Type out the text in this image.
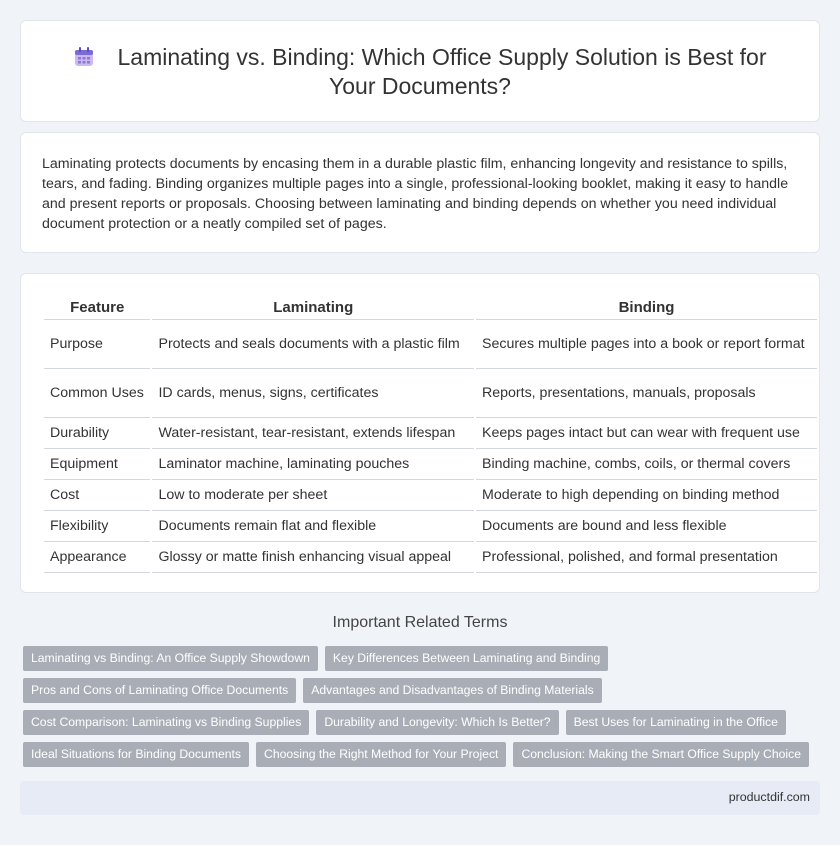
Laminating vs. Binding: Which Office Supply Solution is Best for Your Documents?

Laminating protects documents by encasing them in a durable plastic film, enhancing longevity and resistance to spills, tears, and fading. Binding organizes multiple pages into a single, professional-looking booklet, making it easy to handle and present reports or proposals. Choosing between laminating and binding depends on whether you need individual document protection or a neatly compiled set of pages.

Feature	Laminating	Binding
Purpose	Protects and seals documents with a plastic film	Secures multiple pages into a book or report format
Common Uses	ID cards, menus, signs, certificates	Reports, presentations, manuals, proposals
Durability	Water-resistant, tear-resistant, extends lifespan	Keeps pages intact but can wear with frequent use
Equipment	Laminator machine, laminating pouches	Binding machine, combs, coils, or thermal covers
Cost	Low to moderate per sheet	Moderate to high depending on binding method
Flexibility	Documents remain flat and flexible	Documents are bound and less flexible
Appearance	Glossy or matte finish enhancing visual appeal	Professional, polished, and formal presentation
Important Related Terms
Laminating vs Binding: An Office Supply Showdown	Key Differences Between Laminating and Binding
Pros and Cons of Laminating Office Documents	Advantages and Disadvantages of Binding Materials
Cost Comparison: Laminating vs Binding Supplies	Durability and Longevity: Which Is Better?	Best Uses for Laminating in the Office
Ideal Situations for Binding Documents	Choosing the Right Method for Your Project	Conclusion: Making the Smart Office Supply Choice
productdif.com
